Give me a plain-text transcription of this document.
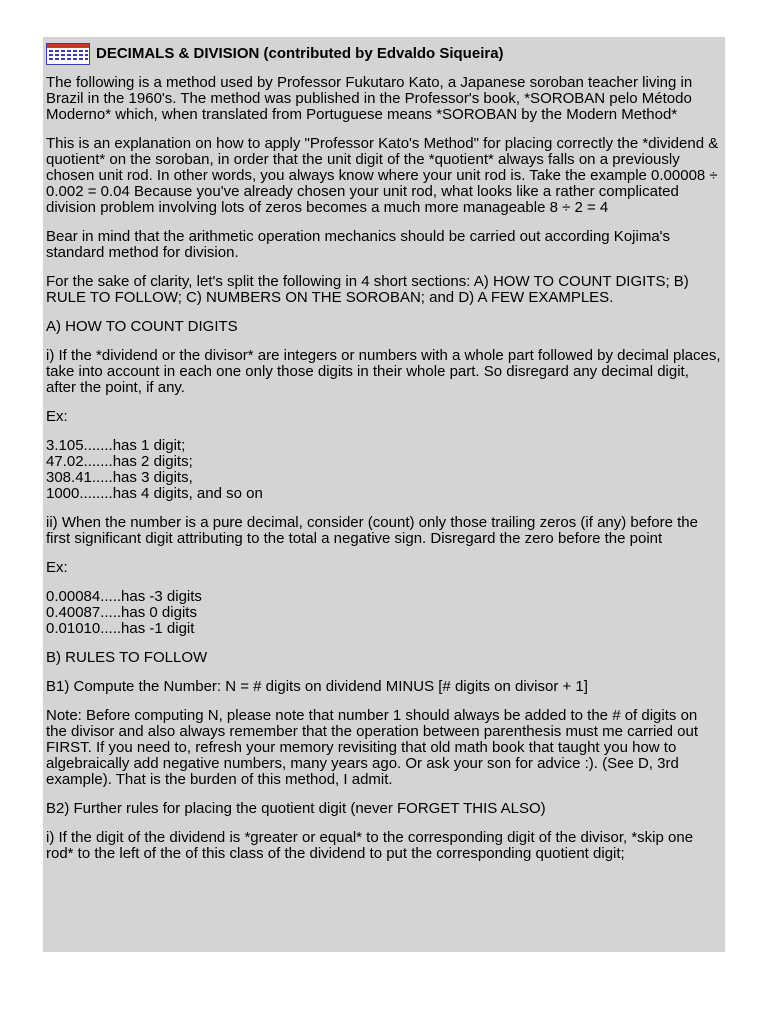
DECIMALS & DIVISION (contributed by Edvaldo Siqueira)

The following is a method used by Professor Fukutaro Kato, a Japanese soroban teacher living in Brazil in the 1960's. The method was published in the Professor's book, *SOROBAN pelo Método Moderno* which, when translated from Portuguese means *SOROBAN by the Modern Method*

This is an explanation on how to apply "Professor Kato's Method" for placing correctly the *dividend & quotient* on the soroban, in order that the unit digit of the *quotient* always falls on a previously chosen unit rod. In other words, you always know where your unit rod is. Take the example 0.00008 ÷ 0.002 = 0.04 Because you've already chosen your unit rod, what looks like a rather complicated division problem involving lots of zeros becomes a much more manageable 8 ÷ 2 = 4

Bear in mind that the arithmetic operation mechanics should be carried out according Kojima's standard method for division.

For the sake of clarity, let's split the following in 4 short sections: A) HOW TO COUNT DIGITS; B) RULE TO FOLLOW; C) NUMBERS ON THE SOROBAN; and D) A FEW EXAMPLES.

A) HOW TO COUNT DIGITS

i) If the *dividend or the divisor* are integers or numbers with a whole part followed by decimal places, take into account in each one only those digits in their whole part. So disregard any decimal digit, after the point, if any.

Ex:

3.105.......has 1 digit;
47.02.......has 2 digits;
308.41.....has 3 digits,
1000........has 4 digits, and so on

ii) When the number is a pure decimal, consider (count) only those trailing zeros (if any) before the first significant digit attributing to the total a negative sign. Disregard the zero before the point

Ex:

0.00084.....has -3 digits
0.40087.....has 0 digits
0.01010.....has -1 digit

B) RULES TO FOLLOW

B1) Compute the Number: N = # digits on dividend MINUS [# digits on divisor + 1]

Note: Before computing N, please note that number 1 should always be added to the # of digits on the divisor and also always remember that the operation between parenthesis must me carried out FIRST. If you need to, refresh your memory revisiting that old math book that taught you how to algebraically add negative numbers, many years ago. Or ask your son for advice :). (See D, 3rd example). That is the burden of this method, I admit.

B2) Further rules for placing the quotient digit (never FORGET THIS ALSO)

i) If the digit of the dividend is *greater or equal* to the corresponding digit of the divisor, *skip one rod* to the left of the of this class of the dividend to put the corresponding quotient digit;
